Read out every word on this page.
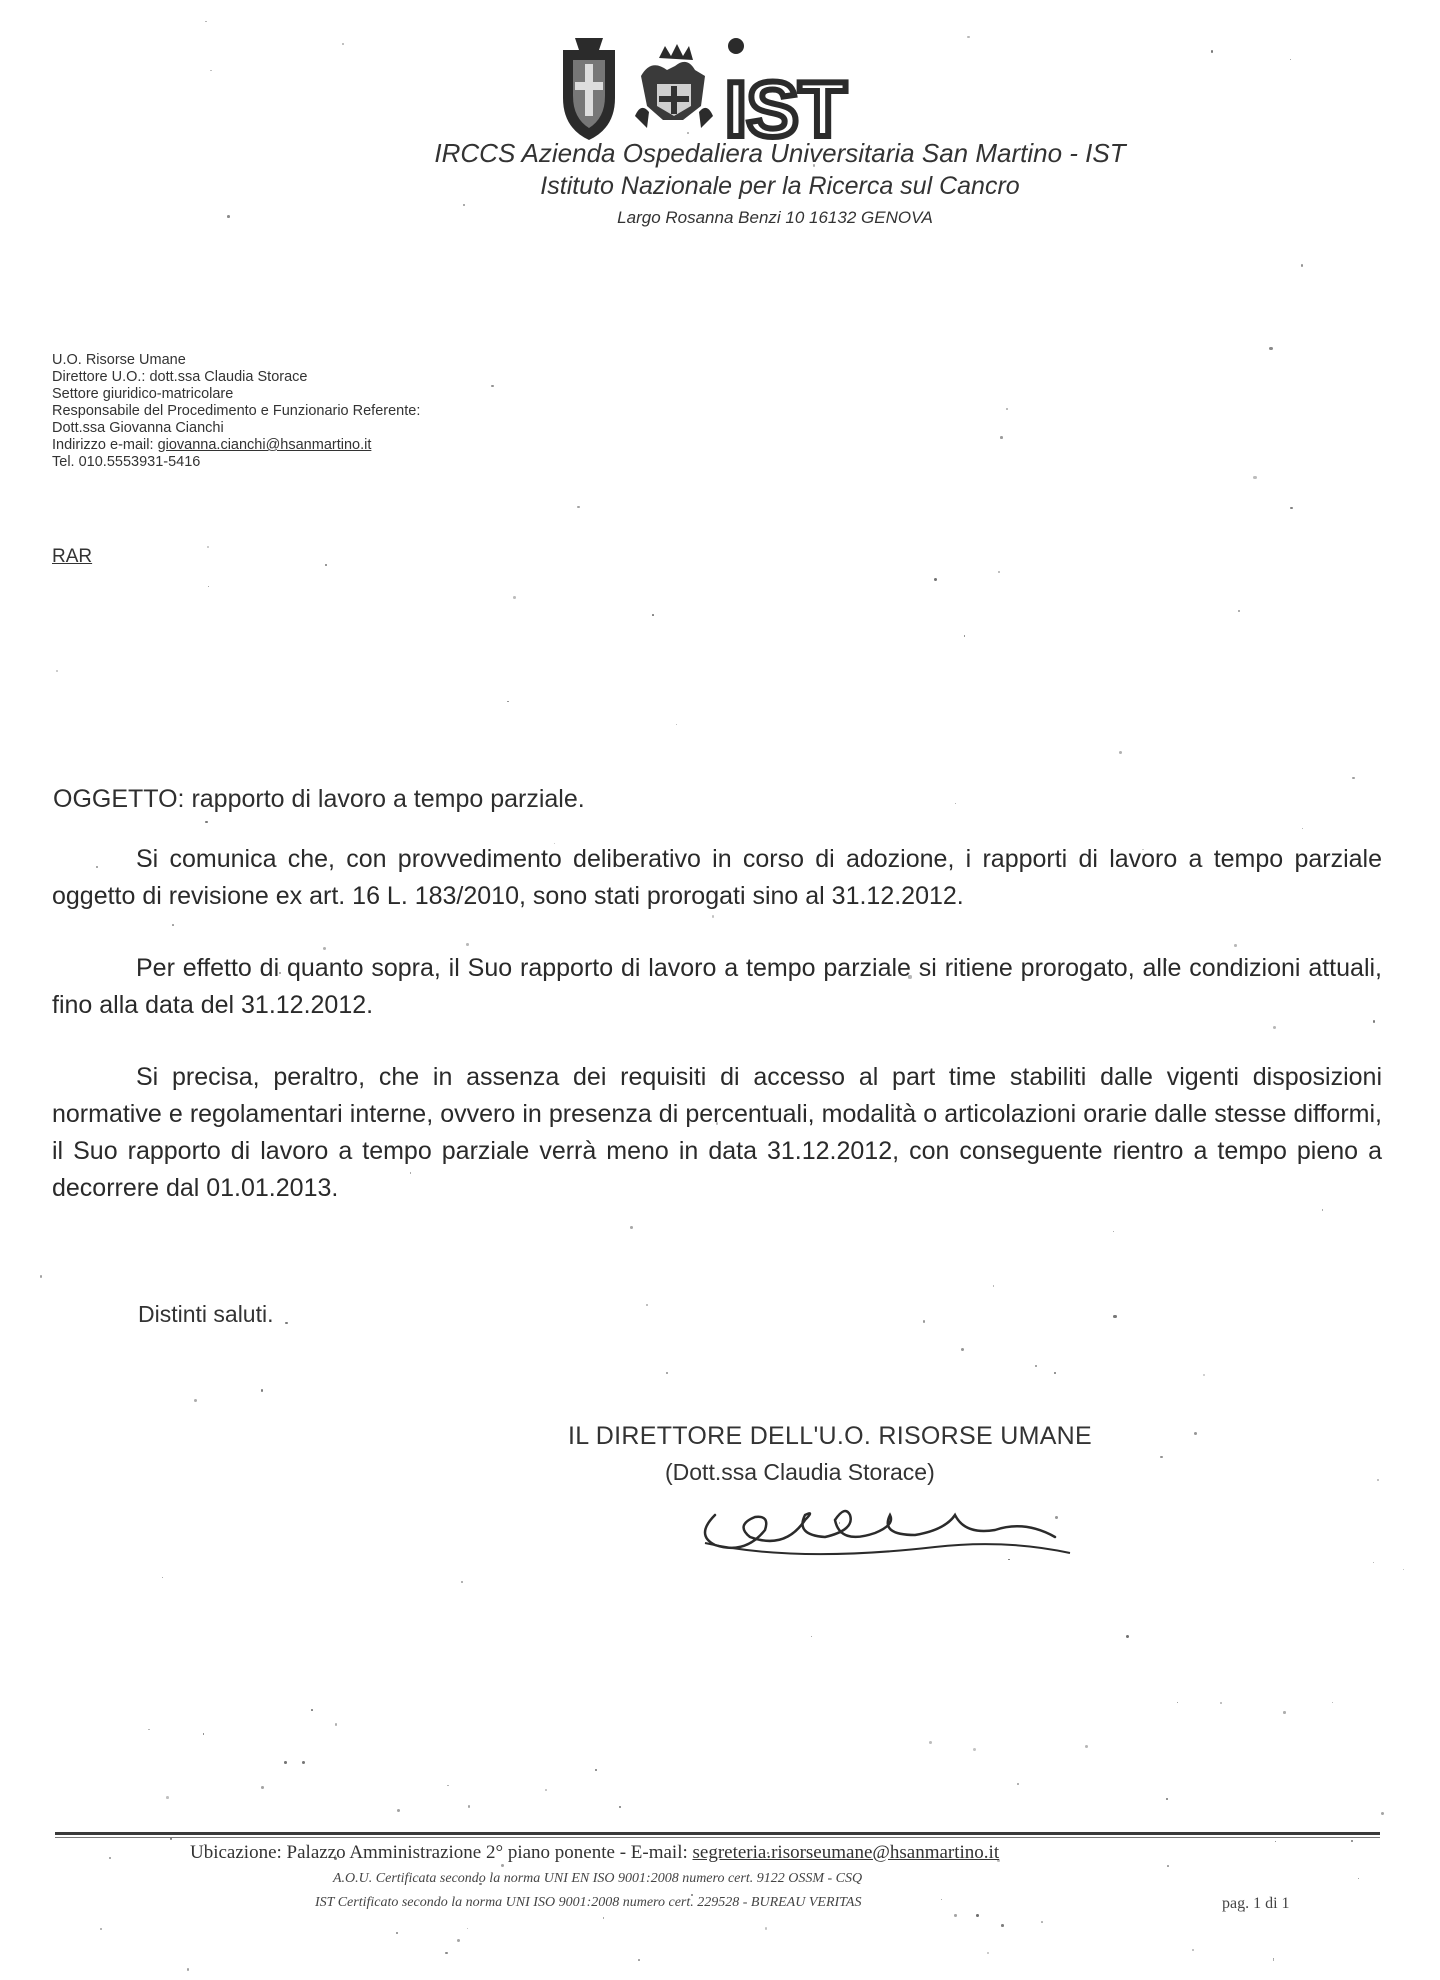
IST
IRCCS Azienda Ospedaliera Universitaria San Martino - IST
Istituto Nazionale per la Ricerca sul Cancro
Largo Rosanna Benzi 10 16132 GENOVA
U.O. Risorse Umane
Direttore U.O.: dott.ssa Claudia Storace
Settore giuridico-matricolare
Responsabile del Procedimento e Funzionario Referente:
Dott.ssa Giovanna Cianchi
Indirizzo e-mail: giovanna.cianchi@hsanmartino.it
Tel. 010.5553931-5416
RAR
OGGETTO: rapporto di lavoro a tempo parziale.
Si comunica che, con provvedimento deliberativo in corso di adozione, i rapporti di lavoro a tempo parziale oggetto di revisione ex art. 16 L. 183/2010, sono stati prorogati sino al 31.12.2012.
Per effetto di quanto sopra, il Suo rapporto di lavoro a tempo parziale si ritiene prorogato, alle condizioni attuali, fino alla data del 31.12.2012.
Si precisa, peraltro, che in assenza dei requisiti di accesso al part time stabiliti dalle vigenti disposizioni normative e regolamentari interne, ovvero in presenza di percentuali, modalità o articolazioni orarie dalle stesse difformi, il Suo rapporto di lavoro a tempo parziale verrà meno in data 31.12.2012, con conseguente rientro a tempo pieno a decorrere dal 01.01.2013.
Distinti saluti.
IL DIRETTORE DELL'U.O. RISORSE UMANE
(Dott.ssa Claudia Storace)
Ubicazione: Palazzo Amministrazione 2° piano ponente - E-mail: segreteria.risorseumane@hsanmartino.it
A.O.U. Certificata secondo la norma UNI EN ISO 9001:2008 numero cert. 9122 OSSM - CSQ
IST Certificato secondo la norma UNI ISO 9001:2008 numero cert. 229528 - BUREAU VERITAS	pag. 1 di 1
